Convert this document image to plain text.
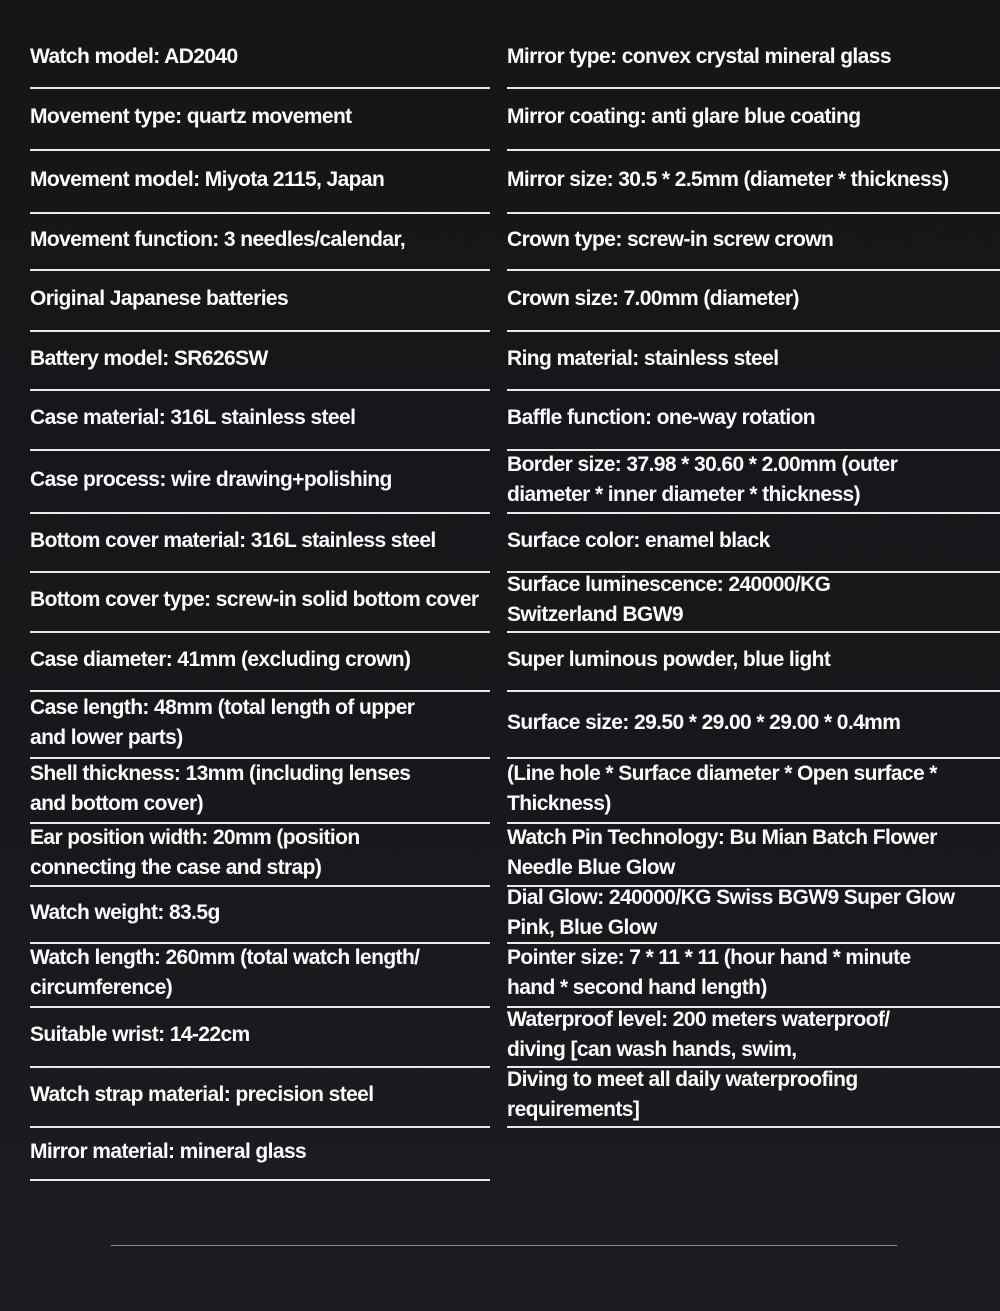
Watch model: AD2040
Movement type: quartz movement
Movement model: Miyota 2115, Japan
Movement function: 3 needles/calendar,
Original Japanese batteries
Battery model: SR626SW
Case material: 316L stainless steel
Case process: wire drawing+polishing
Bottom cover material: 316L stainless steel
Bottom cover type: screw-in solid bottom cover
Case diameter: 41mm (excluding crown)
Case length: 48mm (total length of upper
and lower parts)
Shell thickness: 13mm (including lenses
and bottom cover)
Ear position width: 20mm (position
connecting the case and strap)
Watch weight: 83.5g
Watch length: 260mm (total watch length/
circumference)
Suitable wrist: 14-22cm
Watch strap material: precision steel
Mirror material: mineral glass
Mirror type: convex crystal mineral glass
Mirror coating: anti glare blue coating
Mirror size: 30.5 * 2.5mm (diameter * thickness)
Crown type: screw-in screw crown
Crown size: 7.00mm (diameter)
Ring material: stainless steel
Baffle function: one-way rotation
Border size: 37.98 * 30.60 * 2.00mm (outer
diameter * inner diameter * thickness)
Surface color: enamel black
Surface luminescence: 240000/KG
Switzerland BGW9
Super luminous powder, blue light
Surface size: 29.50 * 29.00 * 29.00 * 0.4mm
(Line hole * Surface diameter * Open surface *
Thickness)
Watch Pin Technology: Bu Mian Batch Flower
Needle Blue Glow
Dial Glow: 240000/KG Swiss BGW9 Super Glow
Pink, Blue Glow
Pointer size: 7 * 11 * 11 (hour hand * minute
hand * second hand length)
Waterproof level: 200 meters waterproof/
diving [can wash hands, swim,
Diving to meet all daily waterproofing
requirements]
